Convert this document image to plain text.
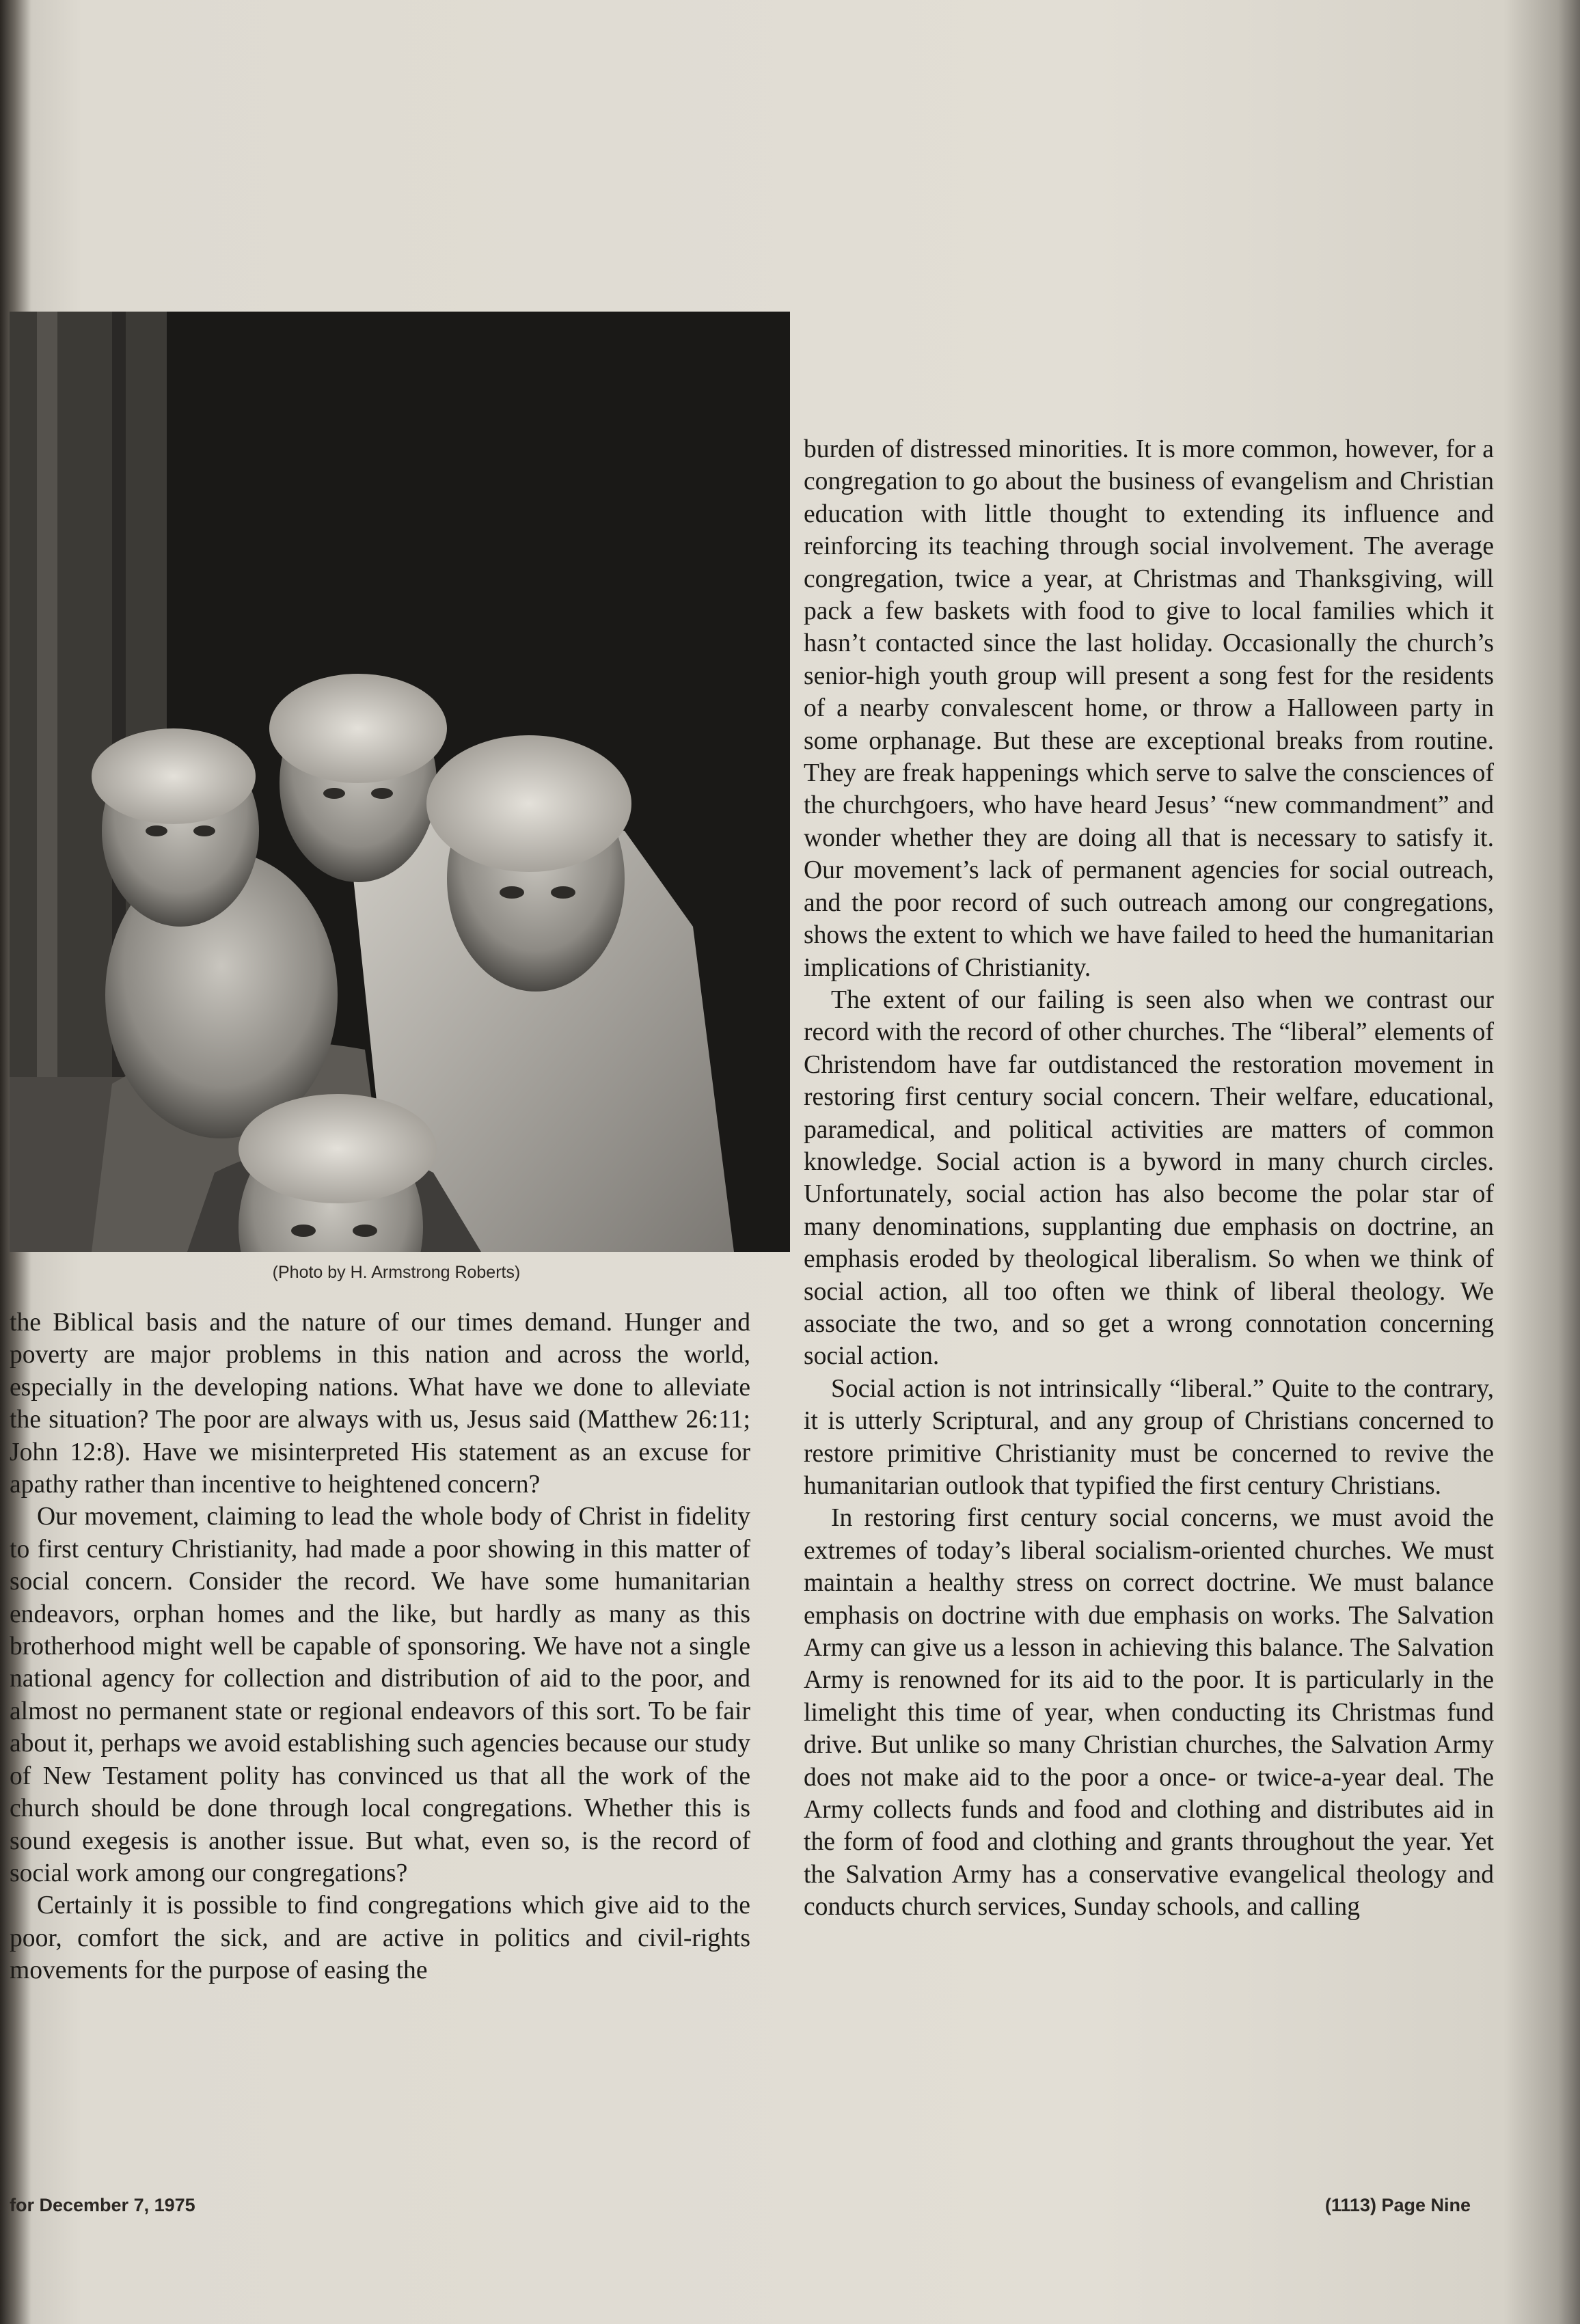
(Photo by H. Armstrong Roberts)

the Biblical basis and the nature of our times demand. Hunger and poverty are major problems in this nation and across the world, especially in the developing nations. What have we done to alleviate the situation? The poor are always with us, Jesus said (Matthew 26:11; John 12:8). Have we misinterpreted His statement as an excuse for apathy rather than incentive to heightened concern?

Our movement, claiming to lead the whole body of Christ in fidelity to first century Christianity, had made a poor showing in this matter of social concern. Consider the record. We have some humanitarian endeavors, orphan homes and the like, but hardly as many as this brotherhood might well be capable of sponsoring. We have not a single national agency for collection and distribution of aid to the poor, and almost no permanent state or regional endeavors of this sort. To be fair about it, perhaps we avoid establishing such agencies because our study of New Testament polity has convinced us that all the work of the church should be done through local congregations. Whether this is sound exegesis is another issue. But what, even so, is the record of social work among our congregations?

Certainly it is possible to find congregations which give aid to the poor, comfort the sick, and are active in politics and civil-rights movements for the purpose of easing the

burden of distressed minorities. It is more common, however, for a congregation to go about the business of evangelism and Christian education with little thought to extending its influence and reinforcing its teaching through social involvement. The average congregation, twice a year, at Christmas and Thanksgiving, will pack a few baskets with food to give to local families which it hasn’t contacted since the last holiday. Occasionally the church’s senior-high youth group will present a song fest for the residents of a nearby convalescent home, or throw a Halloween party in some orphanage. But these are exceptional breaks from routine. They are freak happenings which serve to salve the consciences of the churchgoers, who have heard Jesus’ “new commandment” and wonder whether they are doing all that is necessary to satisfy it. Our movement’s lack of permanent agencies for social outreach, and the poor record of such outreach among our congregations, shows the extent to which we have failed to heed the humanitarian implications of Christianity.

The extent of our failing is seen also when we contrast our record with the record of other churches. The “liberal” elements of Christendom have far outdistanced the restoration movement in restoring first century social concern. Their welfare, educational, paramedical, and political activities are matters of common knowledge. Social action is a byword in many church circles. Unfortunately, social action has also become the polar star of many denominations, supplanting due emphasis on doctrine, an emphasis eroded by theological liberalism. So when we think of social action, all too often we think of liberal theology. We associate the two, and so get a wrong connotation concerning social action.

Social action is not intrinsically “liberal.” Quite to the contrary, it is utterly Scriptural, and any group of Christians concerned to restore primitive Christianity must be concerned to revive the humanitarian outlook that typified the first century Christians.

In restoring first century social concerns, we must avoid the extremes of today’s liberal socialism-oriented churches. We must maintain a healthy stress on correct doctrine. We must balance emphasis on doctrine with due emphasis on works. The Salvation Army can give us a lesson in achieving this balance. The Salvation Army is renowned for its aid to the poor. It is particularly in the limelight this time of year, when conducting its Christmas fund drive. But unlike so many Christian churches, the Salvation Army does not make aid to the poor a once- or twice-a-year deal. The Army collects funds and food and clothing and distributes aid in the form of food and clothing and grants throughout the year. Yet the Salvation Army has a conservative evangelical theology and conducts church services, Sunday schools, and calling

for December 7, 1975	(1113) Page Nine
